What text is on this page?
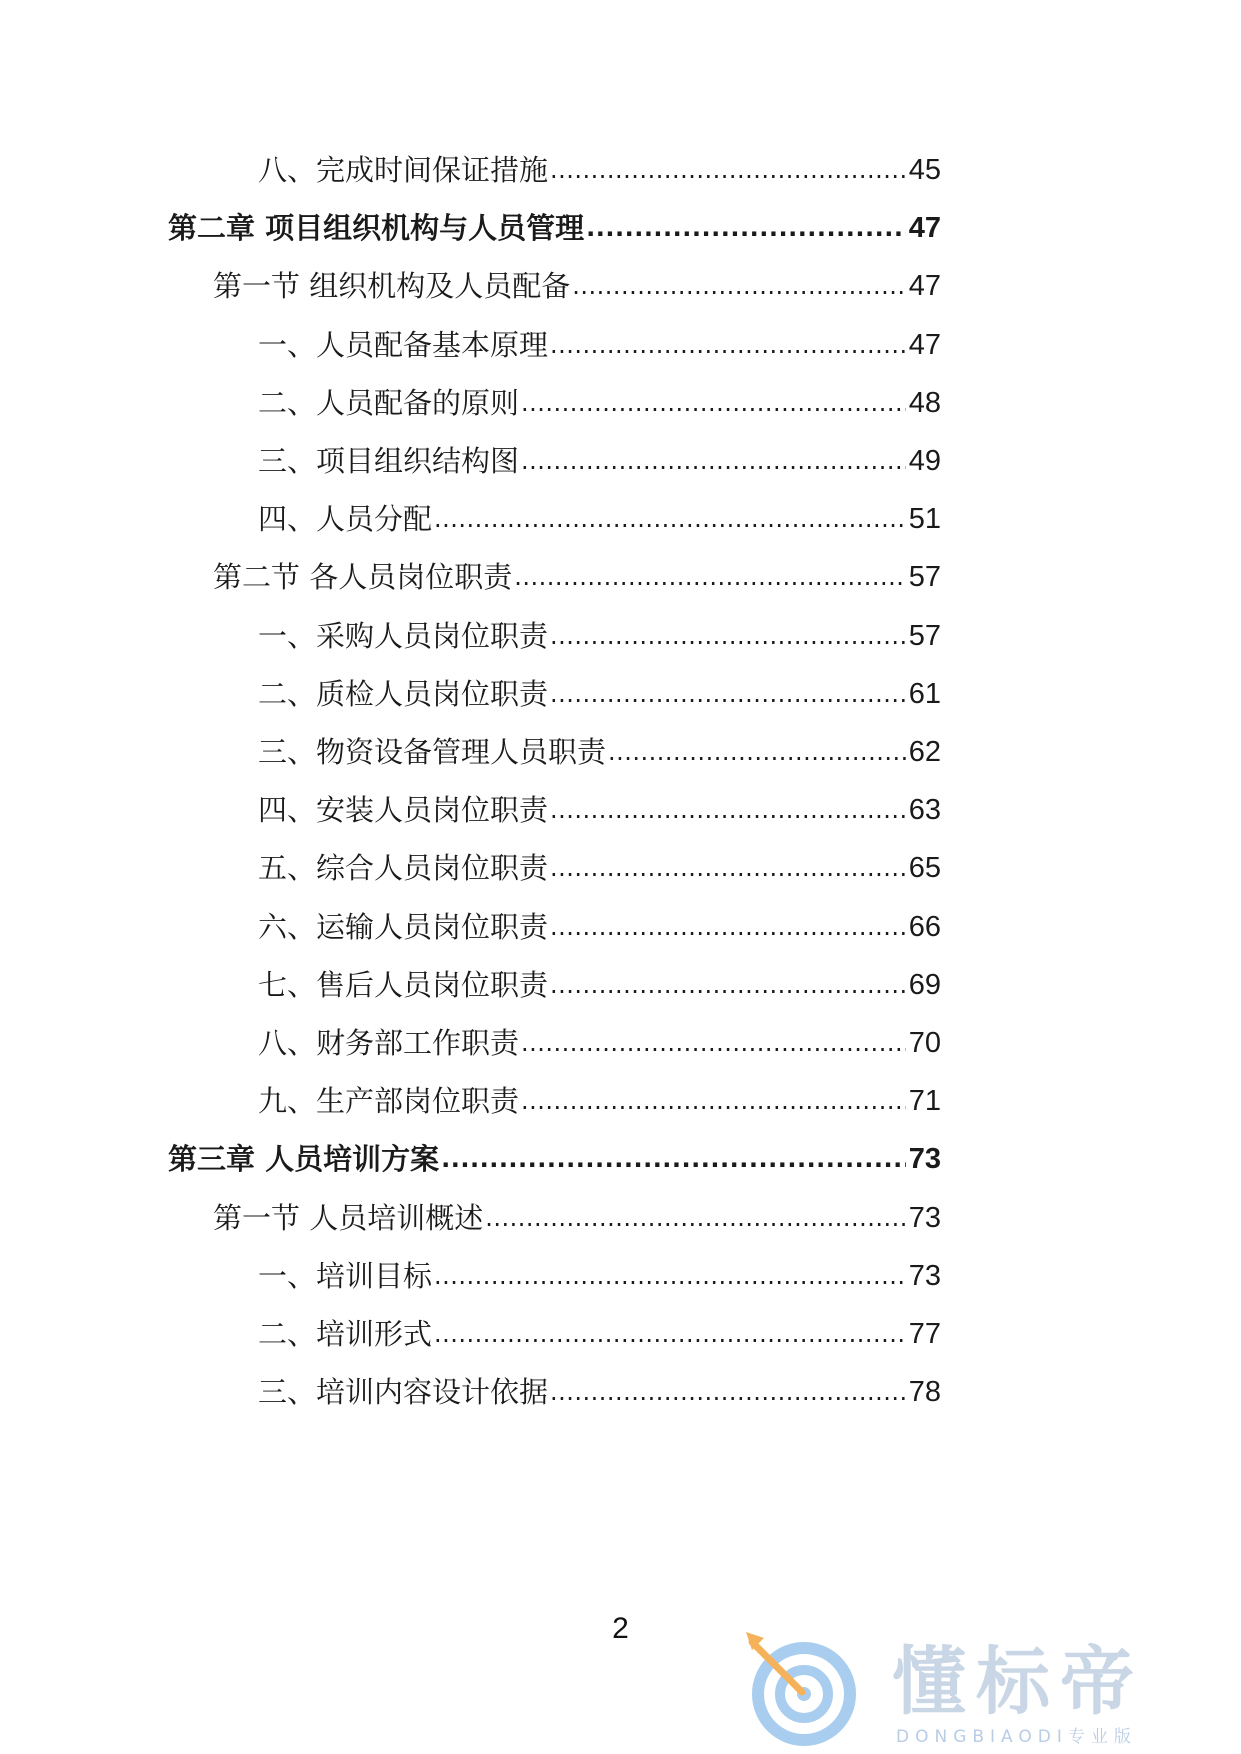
八、完成时间保证措施 .....	45
第二章 项目组织机构与人员管理 .....	47
第一节 组织机构及人员配备 .....	47
一、人员配备基本原理 .....	47
二、人员配备的原则 .....	48
三、项目组织结构图 .....	49
四、人员分配 .....	51
第二节 各人员岗位职责 .....	57
一、采购人员岗位职责 .....	57
二、质检人员岗位职责 .....	61
三、物资设备管理人员职责 .....	62
四、安装人员岗位职责 .....	63
五、综合人员岗位职责 .....	65
六、运输人员岗位职责 .....	66
七、售后人员岗位职责 .....	69
八、财务部工作职责 .....	70
九、生产部岗位职责 .....	71
第三章 人员培训方案 .....	73
第一节 人员培训概述 .....	73
一、培训目标 .....	73
二、培训形式 .....	77
三、培训内容设计依据 .....	78
2
懂标帝
DONGBIAODI专业版
